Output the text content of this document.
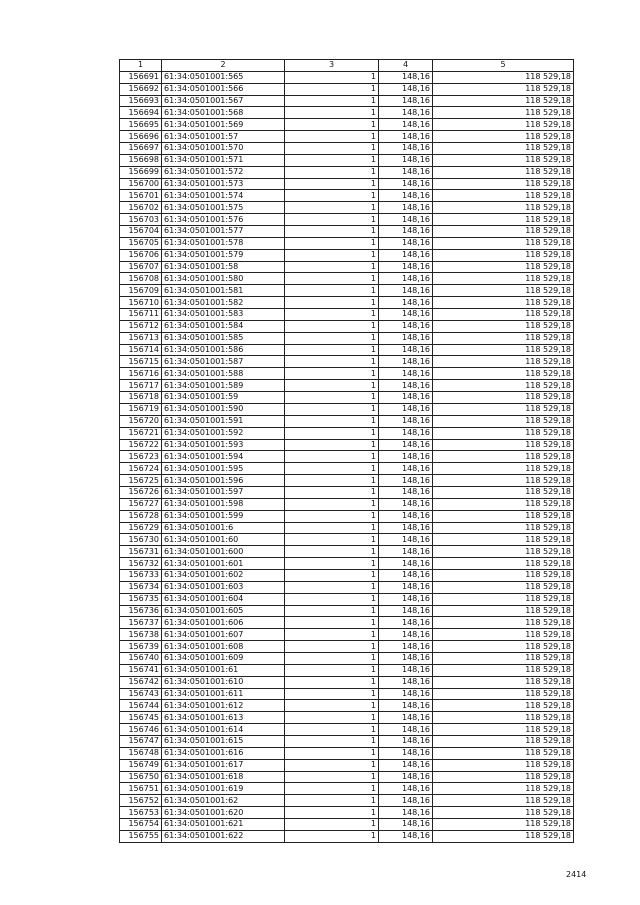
1	2	3	4	5
156691	61:34:0501001:565	1	148,16	118 529,18
156692	61:34:0501001:566	1	148,16	118 529,18
156693	61:34:0501001:567	1	148,16	118 529,18
156694	61:34:0501001:568	1	148,16	118 529,18
156695	61:34:0501001:569	1	148,16	118 529,18
156696	61:34:0501001:57	1	148,16	118 529,18
156697	61:34:0501001:570	1	148,16	118 529,18
156698	61:34:0501001:571	1	148,16	118 529,18
156699	61:34:0501001:572	1	148,16	118 529,18
156700	61:34:0501001:573	1	148,16	118 529,18
156701	61:34:0501001:574	1	148,16	118 529,18
156702	61:34:0501001:575	1	148,16	118 529,18
156703	61:34:0501001:576	1	148,16	118 529,18
156704	61:34:0501001:577	1	148,16	118 529,18
156705	61:34:0501001:578	1	148,16	118 529,18
156706	61:34:0501001:579	1	148,16	118 529,18
156707	61:34:0501001:58	1	148,16	118 529,18
156708	61:34:0501001:580	1	148,16	118 529,18
156709	61:34:0501001:581	1	148,16	118 529,18
156710	61:34:0501001:582	1	148,16	118 529,18
156711	61:34:0501001:583	1	148,16	118 529,18
156712	61:34:0501001:584	1	148,16	118 529,18
156713	61:34:0501001:585	1	148,16	118 529,18
156714	61:34:0501001:586	1	148,16	118 529,18
156715	61:34:0501001:587	1	148,16	118 529,18
156716	61:34:0501001:588	1	148,16	118 529,18
156717	61:34:0501001:589	1	148,16	118 529,18
156718	61:34:0501001:59	1	148,16	118 529,18
156719	61:34:0501001:590	1	148,16	118 529,18
156720	61:34:0501001:591	1	148,16	118 529,18
156721	61:34:0501001:592	1	148,16	118 529,18
156722	61:34:0501001:593	1	148,16	118 529,18
156723	61:34:0501001:594	1	148,16	118 529,18
156724	61:34:0501001:595	1	148,16	118 529,18
156725	61:34:0501001:596	1	148,16	118 529,18
156726	61:34:0501001:597	1	148,16	118 529,18
156727	61:34:0501001:598	1	148,16	118 529,18
156728	61:34:0501001:599	1	148,16	118 529,18
156729	61:34:0501001:6	1	148,16	118 529,18
156730	61:34:0501001:60	1	148,16	118 529,18
156731	61:34:0501001:600	1	148,16	118 529,18
156732	61:34:0501001:601	1	148,16	118 529,18
156733	61:34:0501001:602	1	148,16	118 529,18
156734	61:34:0501001:603	1	148,16	118 529,18
156735	61:34:0501001:604	1	148,16	118 529,18
156736	61:34:0501001:605	1	148,16	118 529,18
156737	61:34:0501001:606	1	148,16	118 529,18
156738	61:34:0501001:607	1	148,16	118 529,18
156739	61:34:0501001:608	1	148,16	118 529,18
156740	61:34:0501001:609	1	148,16	118 529,18
156741	61:34:0501001:61	1	148,16	118 529,18
156742	61:34:0501001:610	1	148,16	118 529,18
156743	61:34:0501001:611	1	148,16	118 529,18
156744	61:34:0501001:612	1	148,16	118 529,18
156745	61:34:0501001:613	1	148,16	118 529,18
156746	61:34:0501001:614	1	148,16	118 529,18
156747	61:34:0501001:615	1	148,16	118 529,18
156748	61:34:0501001:616	1	148,16	118 529,18
156749	61:34:0501001:617	1	148,16	118 529,18
156750	61:34:0501001:618	1	148,16	118 529,18
156751	61:34:0501001:619	1	148,16	118 529,18
156752	61:34:0501001:62	1	148,16	118 529,18
156753	61:34:0501001:620	1	148,16	118 529,18
156754	61:34:0501001:621	1	148,16	118 529,18
156755	61:34:0501001:622	1	148,16	118 529,18
2414
